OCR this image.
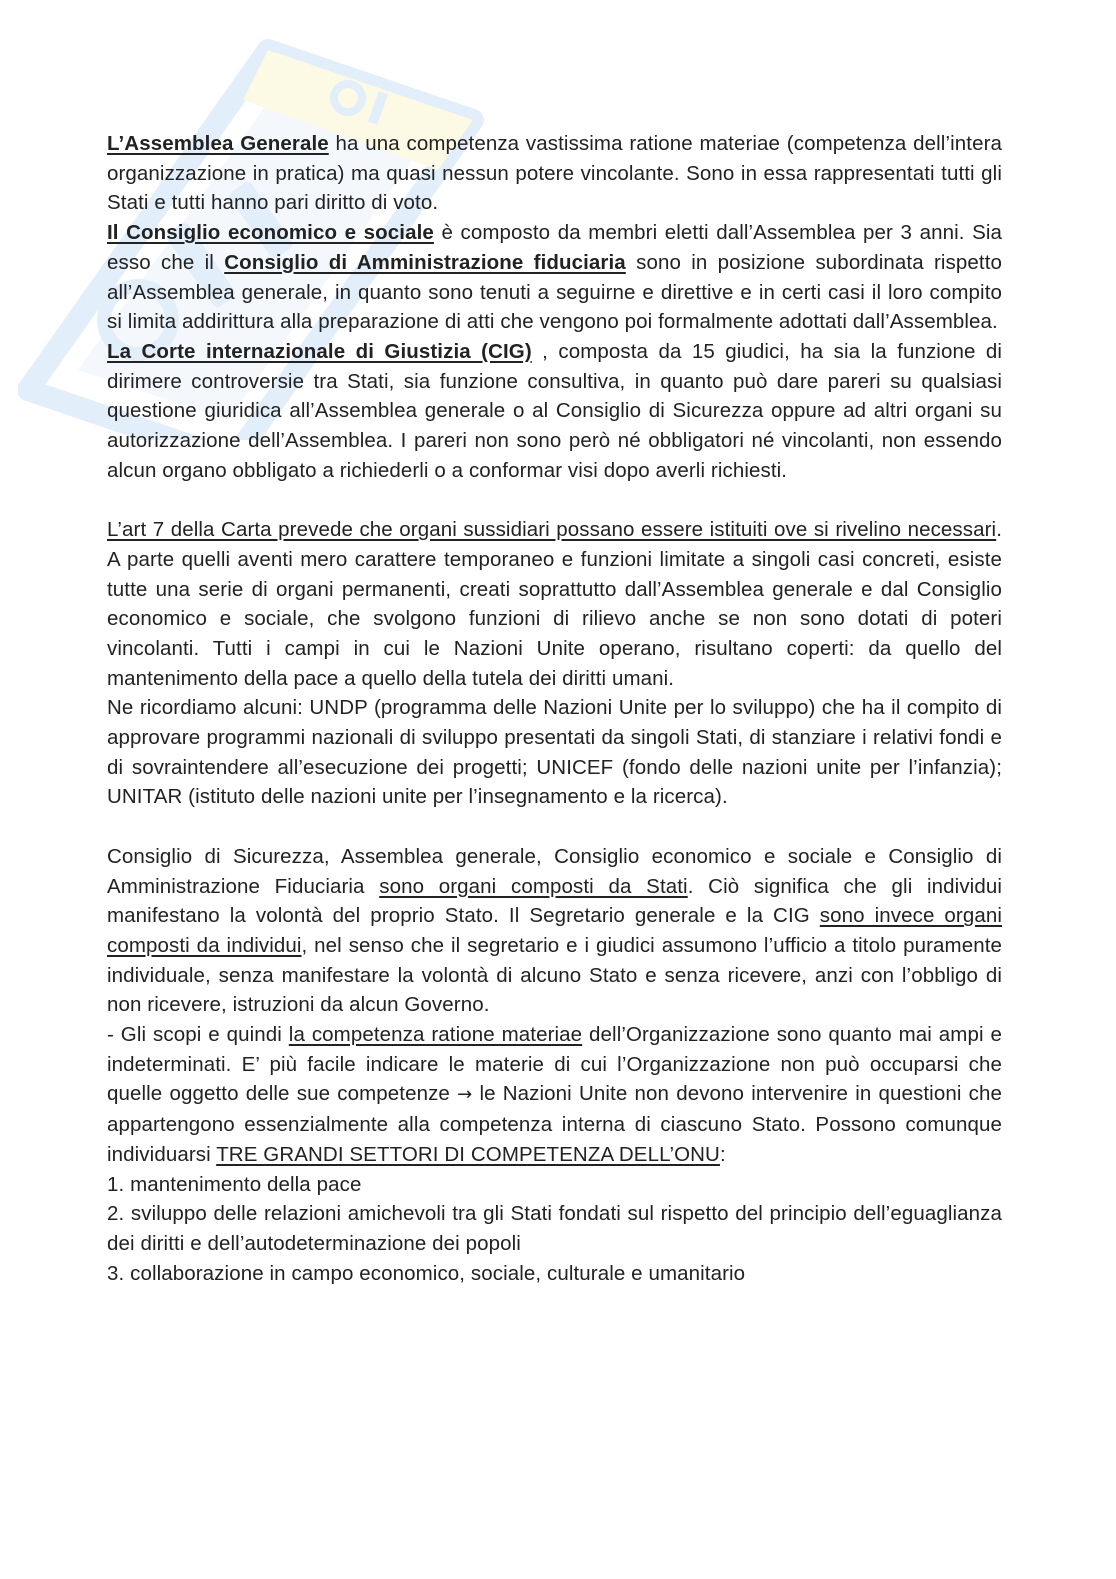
L’Assemblea Generale ha una competenza vastissima ratione materiae (competenza dell’intera organizzazione in pratica) ma quasi nessun potere vincolante. Sono in essa rappresentati tutti gli Stati e tutti hanno pari diritto di voto.

Il Consiglio economico e sociale è composto da membri eletti dall’Assemblea per 3 anni. Sia esso che il Consiglio di Amministrazione fiduciaria sono in posizione subordinata rispetto all’Assemblea generale, in quanto sono tenuti a seguirne e direttive e in certi casi il loro compito si limita addirittura alla preparazione di atti che vengono poi formalmente adottati dall’Assemblea.

La Corte internazionale di Giustizia (CIG) , composta da 15 giudici, ha sia la funzione di dirimere controversie tra Stati, sia funzione consultiva, in quanto può dare pareri su qualsiasi questione giuridica all’Assemblea generale o al Consiglio di Sicurezza oppure ad altri organi su autorizzazione dell’Assemblea. I pareri non sono però né obbligatori né vincolanti, non essendo alcun organo obbligato a richiederli o a conformar visi dopo averli richiesti.

L’art 7 della Carta prevede che organi sussidiari possano essere istituiti ove si rivelino necessari. A parte quelli aventi mero carattere temporaneo e funzioni limitate a singoli casi concreti, esiste tutte una serie di organi permanenti, creati soprattutto dall’Assemblea generale e dal Consiglio economico e sociale, che svolgono funzioni di rilievo anche se non sono dotati di poteri vincolanti. Tutti i campi in cui le Nazioni Unite operano, risultano coperti: da quello del mantenimento della pace a quello della tutela dei diritti umani.

Ne ricordiamo alcuni: UNDP (programma delle Nazioni Unite per lo sviluppo) che ha il compito di approvare programmi nazionali di sviluppo presentati da singoli Stati, di stanziare i relativi fondi e di sovraintendere all’esecuzione dei progetti; UNICEF (fondo delle nazioni unite per l’infanzia); UNITAR (istituto delle nazioni unite per l’insegnamento e la ricerca).

Consiglio di Sicurezza, Assemblea generale, Consiglio economico e sociale e Consiglio di Amministrazione Fiduciaria sono organi composti da Stati. Ciò significa che gli individui manifestano la volontà del proprio Stato. Il Segretario generale e la CIG sono invece organi composti da individui, nel senso che il segretario e i giudici assumono l’ufficio a titolo puramente individuale, senza manifestare la volontà di alcuno Stato e senza ricevere, anzi con l’obbligo di non ricevere, istruzioni da alcun Governo.

- Gli scopi e quindi la competenza ratione materiae dell’Organizzazione sono quanto mai ampi e indeterminati. E’ più facile indicare le materie di cui l’Organizzazione non può occuparsi che quelle oggetto delle sue competenze → le Nazioni Unite non devono intervenire in questioni che appartengono essenzialmente alla competenza interna di ciascuno Stato. Possono comunque individuarsi TRE GRANDI SETTORI DI COMPETENZA DELL’ONU:

1. mantenimento della pace

2. sviluppo delle relazioni amichevoli tra gli Stati fondati sul rispetto del principio dell’eguaglianza dei diritti e dell’autodeterminazione dei popoli

3. collaborazione in campo economico, sociale, culturale e umanitario
